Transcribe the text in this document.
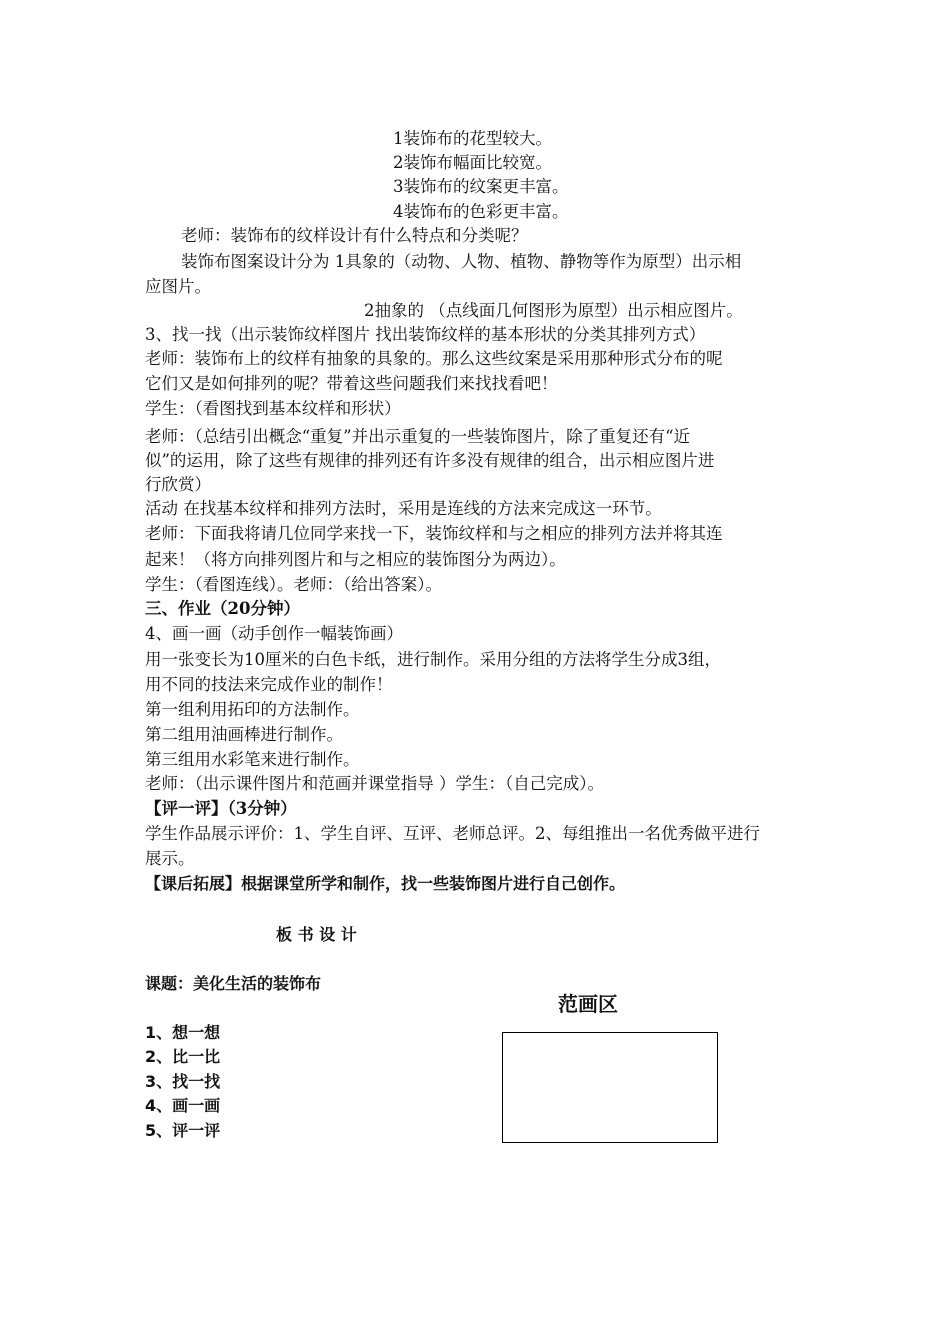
1装饰布的花型较大。
2装饰布幅面比较宽。
3装饰布的纹案更丰富。
4装饰布的色彩更丰富。
老师：装饰布的纹样设计有什么特点和分类呢？
装饰布图案设计分为 1具象的（动物、人物、植物、静物等作为原型）出示相
应图片。
2抽象的 （点线面几何图形为原型）出示相应图片。
3、找一找（出示装饰纹样图片 找出装饰纹样的基本形状的分类其排列方式）
老师：装饰布上的纹样有抽象的具象的。那么这些纹案是采用那种形式分布的呢
它们又是如何排列的呢？带着这些问题我们来找找看吧！
学生：（看图找到基本纹样和形状）
老师：（总结引出概念“重复”并出示重复的一些装饰图片，除了重复还有“近
似”的运用，除了这些有规律的排列还有许多没有规律的组合，出示相应图片进
行欣赏）
活动 在找基本纹样和排列方法时，采用是连线的方法来完成这一环节。
老师：下面我将请几位同学来找一下，装饰纹样和与之相应的排列方法并将其连
起来！（将方向排列图片和与之相应的装饰图分为两边）。
学生：（看图连线）。老师：（给出答案）。
三、作业（20分钟）
4、画一画（动手创作一幅装饰画）
用一张变长为10厘米的白色卡纸，进行制作。采用分组的方法将学生分成3组，
用不同的技法来完成作业的制作！
第一组利用拓印的方法制作。
第二组用油画棒进行制作。
第三组用水彩笔来进行制作。
老师：（出示课件图片和范画并课堂指导 ）学生：（自己完成）。
【评一评】（3分钟）
学生作品展示评价：1、学生自评、互评、老师总评。2、每组推出一名优秀做平进行
展示。
【课后拓展】根据课堂所学和制作，找一些装饰图片进行自己创作。
板 书 设 计
课题：美化生活的装饰布
1、想一想
2、比一比
3、找一找
4、画一画
5、评一评
范画区
